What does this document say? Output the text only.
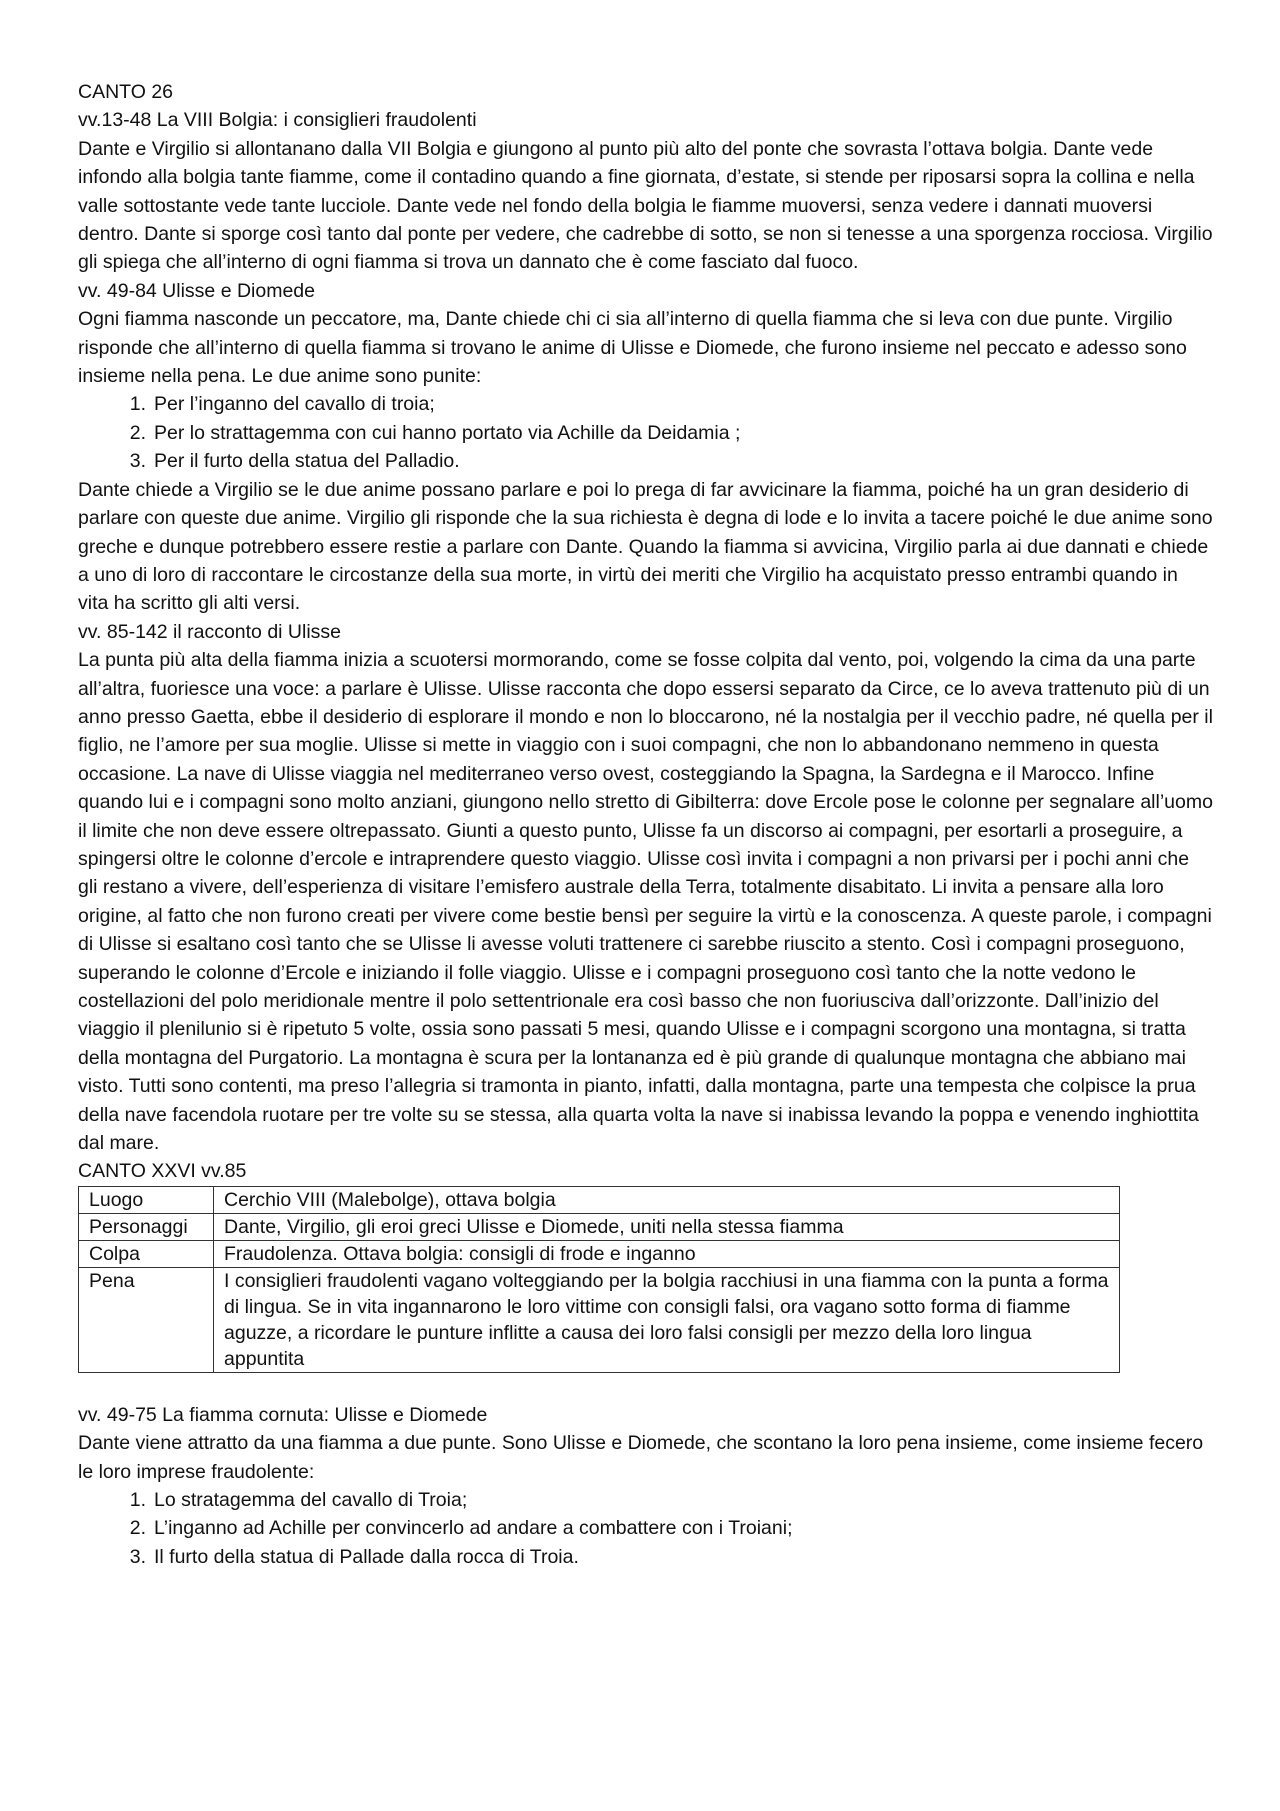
CANTO 26

vv.13-48 La VIII Bolgia: i consiglieri fraudolenti

Dante e Virgilio si allontanano dalla VII Bolgia e giungono al punto più alto del ponte che sovrasta l’ottava bolgia. Dante vede infondo alla bolgia tante fiamme, come il contadino quando a fine giornata, d’estate, si stende per riposarsi sopra la collina e nella valle sottostante vede tante lucciole. Dante vede nel fondo della bolgia le fiamme muoversi, senza vedere i dannati muoversi dentro. Dante si sporge così tanto dal ponte per vedere, che cadrebbe di sotto, se non si tenesse a una sporgenza rocciosa. Virgilio gli spiega che all’interno di ogni fiamma si trova un dannato che è come fasciato dal fuoco.

vv. 49-84 Ulisse e Diomede

Ogni fiamma nasconde un peccatore, ma, Dante chiede chi ci sia all’interno di quella fiamma che si leva con due punte. Virgilio risponde che all’interno di quella fiamma si trovano le anime di Ulisse e Diomede, che furono insieme nel peccato e adesso sono insieme nella pena. Le due anime sono punite:

1. Per l’inganno del cavallo di troia;
2. Per lo strattagemma con cui hanno portato via Achille da Deidamia ;
3. Per il furto della statua del Palladio.

Dante chiede a Virgilio se le due anime possano parlare e poi lo prega di far avvicinare la fiamma, poiché ha un gran desiderio di parlare con queste due anime. Virgilio gli risponde che la sua richiesta è degna di lode e lo invita a tacere poiché le due anime sono greche e dunque potrebbero essere restie a parlare con Dante. Quando la fiamma si avvicina, Virgilio parla ai due dannati e chiede a uno di loro di raccontare le circostanze della sua morte, in virtù dei meriti che Virgilio ha acquistato presso entrambi quando in vita ha scritto gli alti versi.

vv. 85-142 il racconto di Ulisse

La punta più alta della fiamma inizia a scuotersi mormorando, come se fosse colpita dal vento, poi, volgendo la cima da una parte all’altra, fuoriesce una voce: a parlare è Ulisse. Ulisse racconta che dopo essersi separato da Circe, ce lo aveva trattenuto più di un anno presso Gaetta, ebbe il desiderio di esplorare il mondo e non lo bloccarono, né la nostalgia per il vecchio padre, né quella per il figlio, ne l’amore per sua moglie. Ulisse si mette in viaggio con i suoi compagni, che non lo abbandonano nemmeno in questa occasione. La nave di Ulisse viaggia nel mediterraneo verso ovest, costeggiando la Spagna, la Sardegna e il Marocco. Infine quando lui e i compagni sono molto anziani, giungono nello stretto di Gibilterra: dove Ercole pose le colonne per segnalare all’uomo il limite che non deve essere oltrepassato. Giunti a questo punto, Ulisse fa un discorso ai compagni, per esortarli a proseguire, a spingersi oltre le colonne d’ercole e intraprendere questo viaggio. Ulisse così invita i compagni a non privarsi per i pochi anni che gli restano a vivere, dell’esperienza di visitare l’emisfero australe della Terra, totalmente disabitato. Li invita a pensare alla loro origine, al fatto che non furono creati per vivere come bestie bensì per seguire la virtù e la conoscenza. A queste parole, i compagni di Ulisse si esaltano così tanto che se Ulisse li avesse voluti trattenere ci sarebbe riuscito a stento. Così i compagni proseguono, superando le colonne d’Ercole e iniziando il folle viaggio. Ulisse e i compagni proseguono così tanto che la notte vedono le costellazioni del polo meridionale mentre il polo settentrionale era così basso che non fuoriusciva dall’orizzonte. Dall’inizio del viaggio il plenilunio si è ripetuto 5 volte, ossia sono passati 5 mesi, quando Ulisse e i compagni scorgono una montagna, si tratta della montagna del Purgatorio. La montagna è scura per la lontananza ed è più grande di qualunque montagna che abbiano mai visto. Tutti sono contenti, ma preso l’allegria si tramonta in pianto, infatti, dalla montagna, parte una tempesta che colpisce la prua della nave facendola ruotare per tre volte su se stessa, alla quarta volta la nave si inabissa levando la poppa e venendo inghiottita dal mare.

CANTO XXVI vv.85

Luogo	Cerchio VIII (Malebolge), ottava bolgia
Personaggi	Dante, Virgilio, gli eroi greci Ulisse e Diomede, uniti nella stessa fiamma
Colpa	Fraudolenza. Ottava bolgia: consigli di frode e inganno
Pena	I consiglieri fraudolenti vagano volteggiando per la bolgia racchiusi in una fiamma con la punta a forma di lingua. Se in vita ingannarono le loro vittime con consigli falsi, ora vagano sotto forma di fiamme aguzze, a ricordare le punture inflitte a causa dei loro falsi consigli per mezzo della loro lingua appuntita

vv. 49-75 La fiamma cornuta: Ulisse e Diomede

Dante viene attratto da una fiamma a due punte. Sono Ulisse e Diomede, che scontano la loro pena insieme, come insieme fecero le loro imprese fraudolente:

1. Lo stratagemma del cavallo di Troia;
2. L’inganno ad Achille per convincerlo ad andare a combattere con i Troiani;
3. Il furto della statua di Pallade dalla rocca di Troia.
